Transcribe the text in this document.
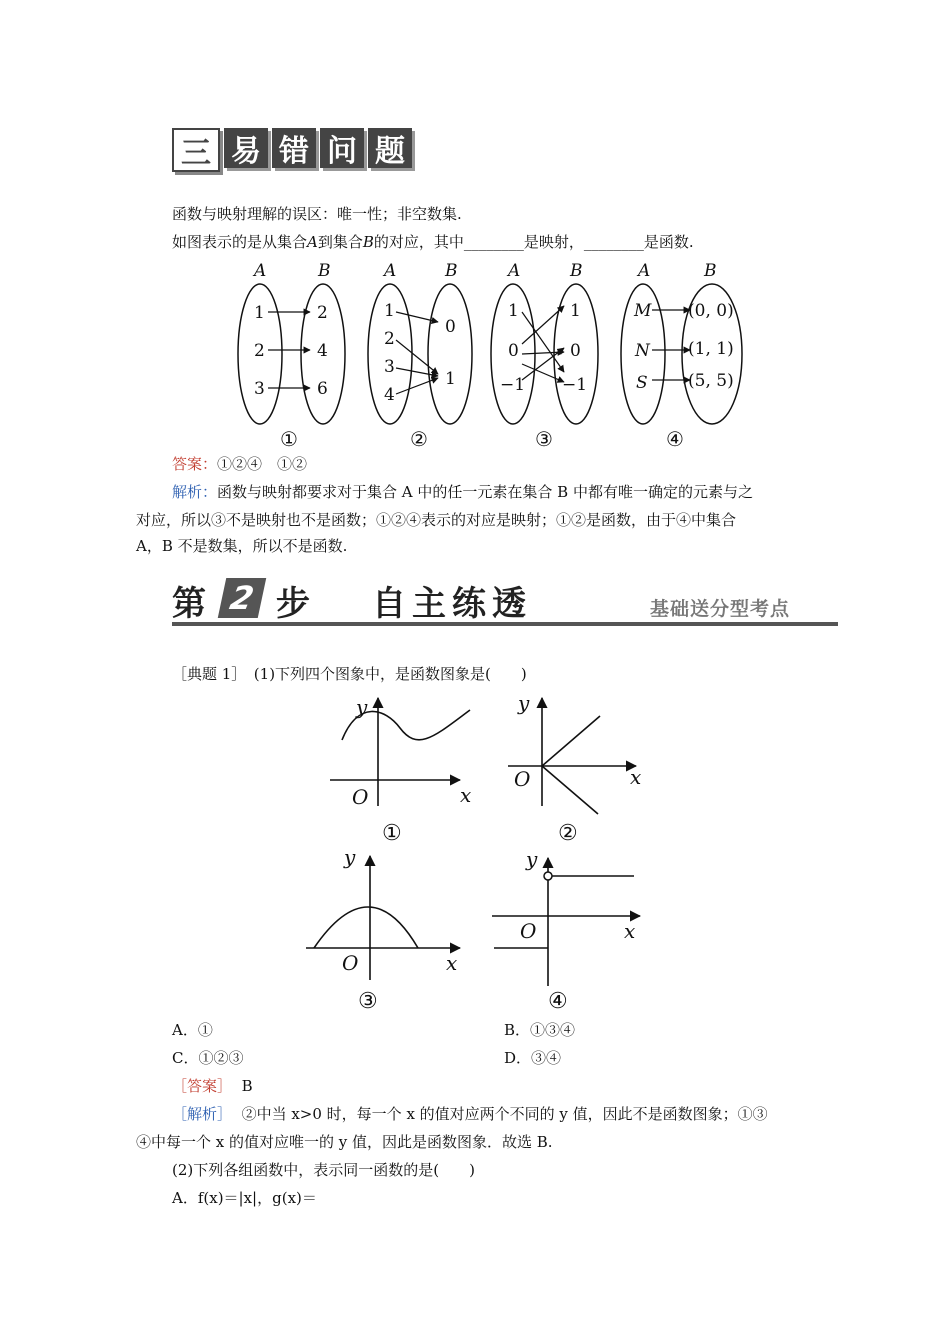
三 易 错 问 题
函数与映射理解的误区：唯一性；非空数集.
如图表示的是从集合A到集合B的对应，其中________是映射，________是函数.
A	B	A	B	A	B	A	B
1
2
3
2
4
6
1
2
3
4
0
1
1
0
−1
1
0
−1
M
N
S
(0, 0)
(1, 1)
(5, 5)
①	②	③	④
答案：①②④　①②
解析：函数与映射都要求对于集合 A 中的任一元素在集合 B 中都有唯一确定的元素与之
对应，所以③不是映射也不是函数；①②④表示的对应是映射；①②是函数，由于④中集合
A，B 不是数集，所以不是函数.
第 2 步 自主练透	基础送分型考点
［典题 1］　(1)下列四个图象中，是函数图象是(　　)
y
x
O
y
x
O
y
x
O
y
x
O
①	②
③	④
A．①	B．①③④
C．①②③	D．③④
［答案］ B
［解析］ ②中当 x>0 时，每一个 x 的值对应两个不同的 y 值，因此不是函数图象；①③
④中每一个 x 的值对应唯一的 y 值，因此是函数图象．故选 B.
(2)下列各组函数中，表示同一函数的是(　　)
A．f(x)＝|x|，g(x)＝
